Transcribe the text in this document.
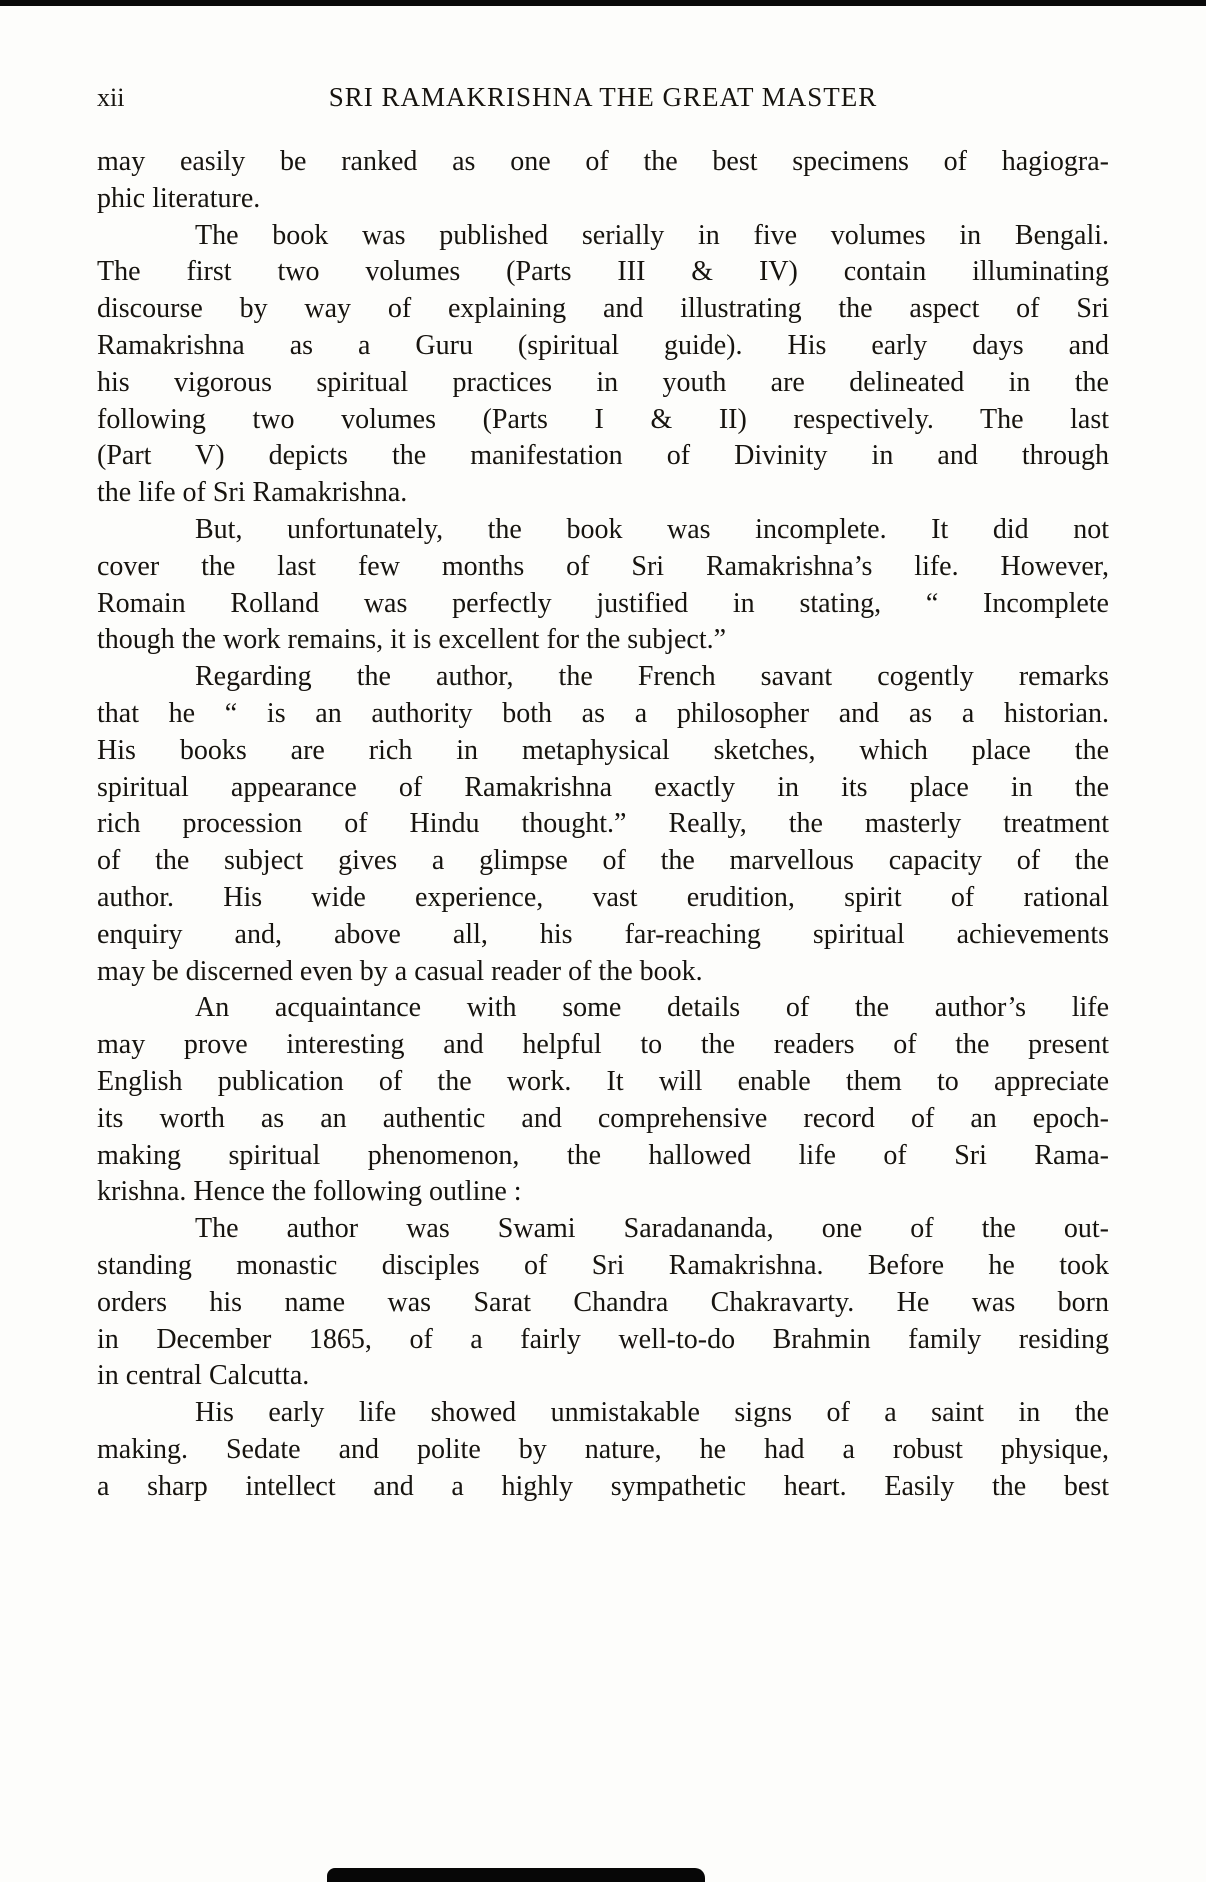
xii	SRI RAMAKRISHNA THE GREAT MASTER
may easily be ranked as one of the best specimens of hagiogra-
phic literature.
The book was published serially in five volumes in Bengali.
The first two volumes (Parts III & IV) contain illuminating
discourse by way of explaining and illustrating the aspect of Sri
Ramakrishna as a Guru (spiritual guide). His early days and
his vigorous spiritual practices in youth are delineated in the
following two volumes (Parts I & II) respectively. The last
(Part V) depicts the manifestation of Divinity in and through
the life of Sri Ramakrishna.
But, unfortunately, the book was incomplete. It did not
cover the last few months of Sri Ramakrishna’s life. However,
Romain Rolland was perfectly justified in stating, “ Incomplete
though the work remains, it is excellent for the subject.”
Regarding the author, the French savant cogently remarks
that he “ is an authority both as a philosopher and as a historian.
His books are rich in metaphysical sketches, which place the
spiritual appearance of Ramakrishna exactly in its place in the
rich procession of Hindu thought.” Really, the masterly treatment
of the subject gives a glimpse of the marvellous capacity of the
author. His wide experience, vast erudition, spirit of rational
enquiry and, above all, his far-reaching spiritual achievements
may be discerned even by a casual reader of the book.
An acquaintance with some details of the author’s life
may prove interesting and helpful to the readers of the present
English publication of the work. It will enable them to appreciate
its worth as an authentic and comprehensive record of an epoch-
making spiritual phenomenon, the hallowed life of Sri Rama-
krishna. Hence the following outline :
The author was Swami Saradananda, one of the out-
standing monastic disciples of Sri Ramakrishna. Before he took
orders his name was Sarat Chandra Chakravarty. He was born
in December 1865, of a fairly well-to-do Brahmin family residing
in central Calcutta.
His early life showed unmistakable signs of a saint in the
making. Sedate and polite by nature, he had a robust physique,
a sharp intellect and a highly sympathetic heart. Easily the best
